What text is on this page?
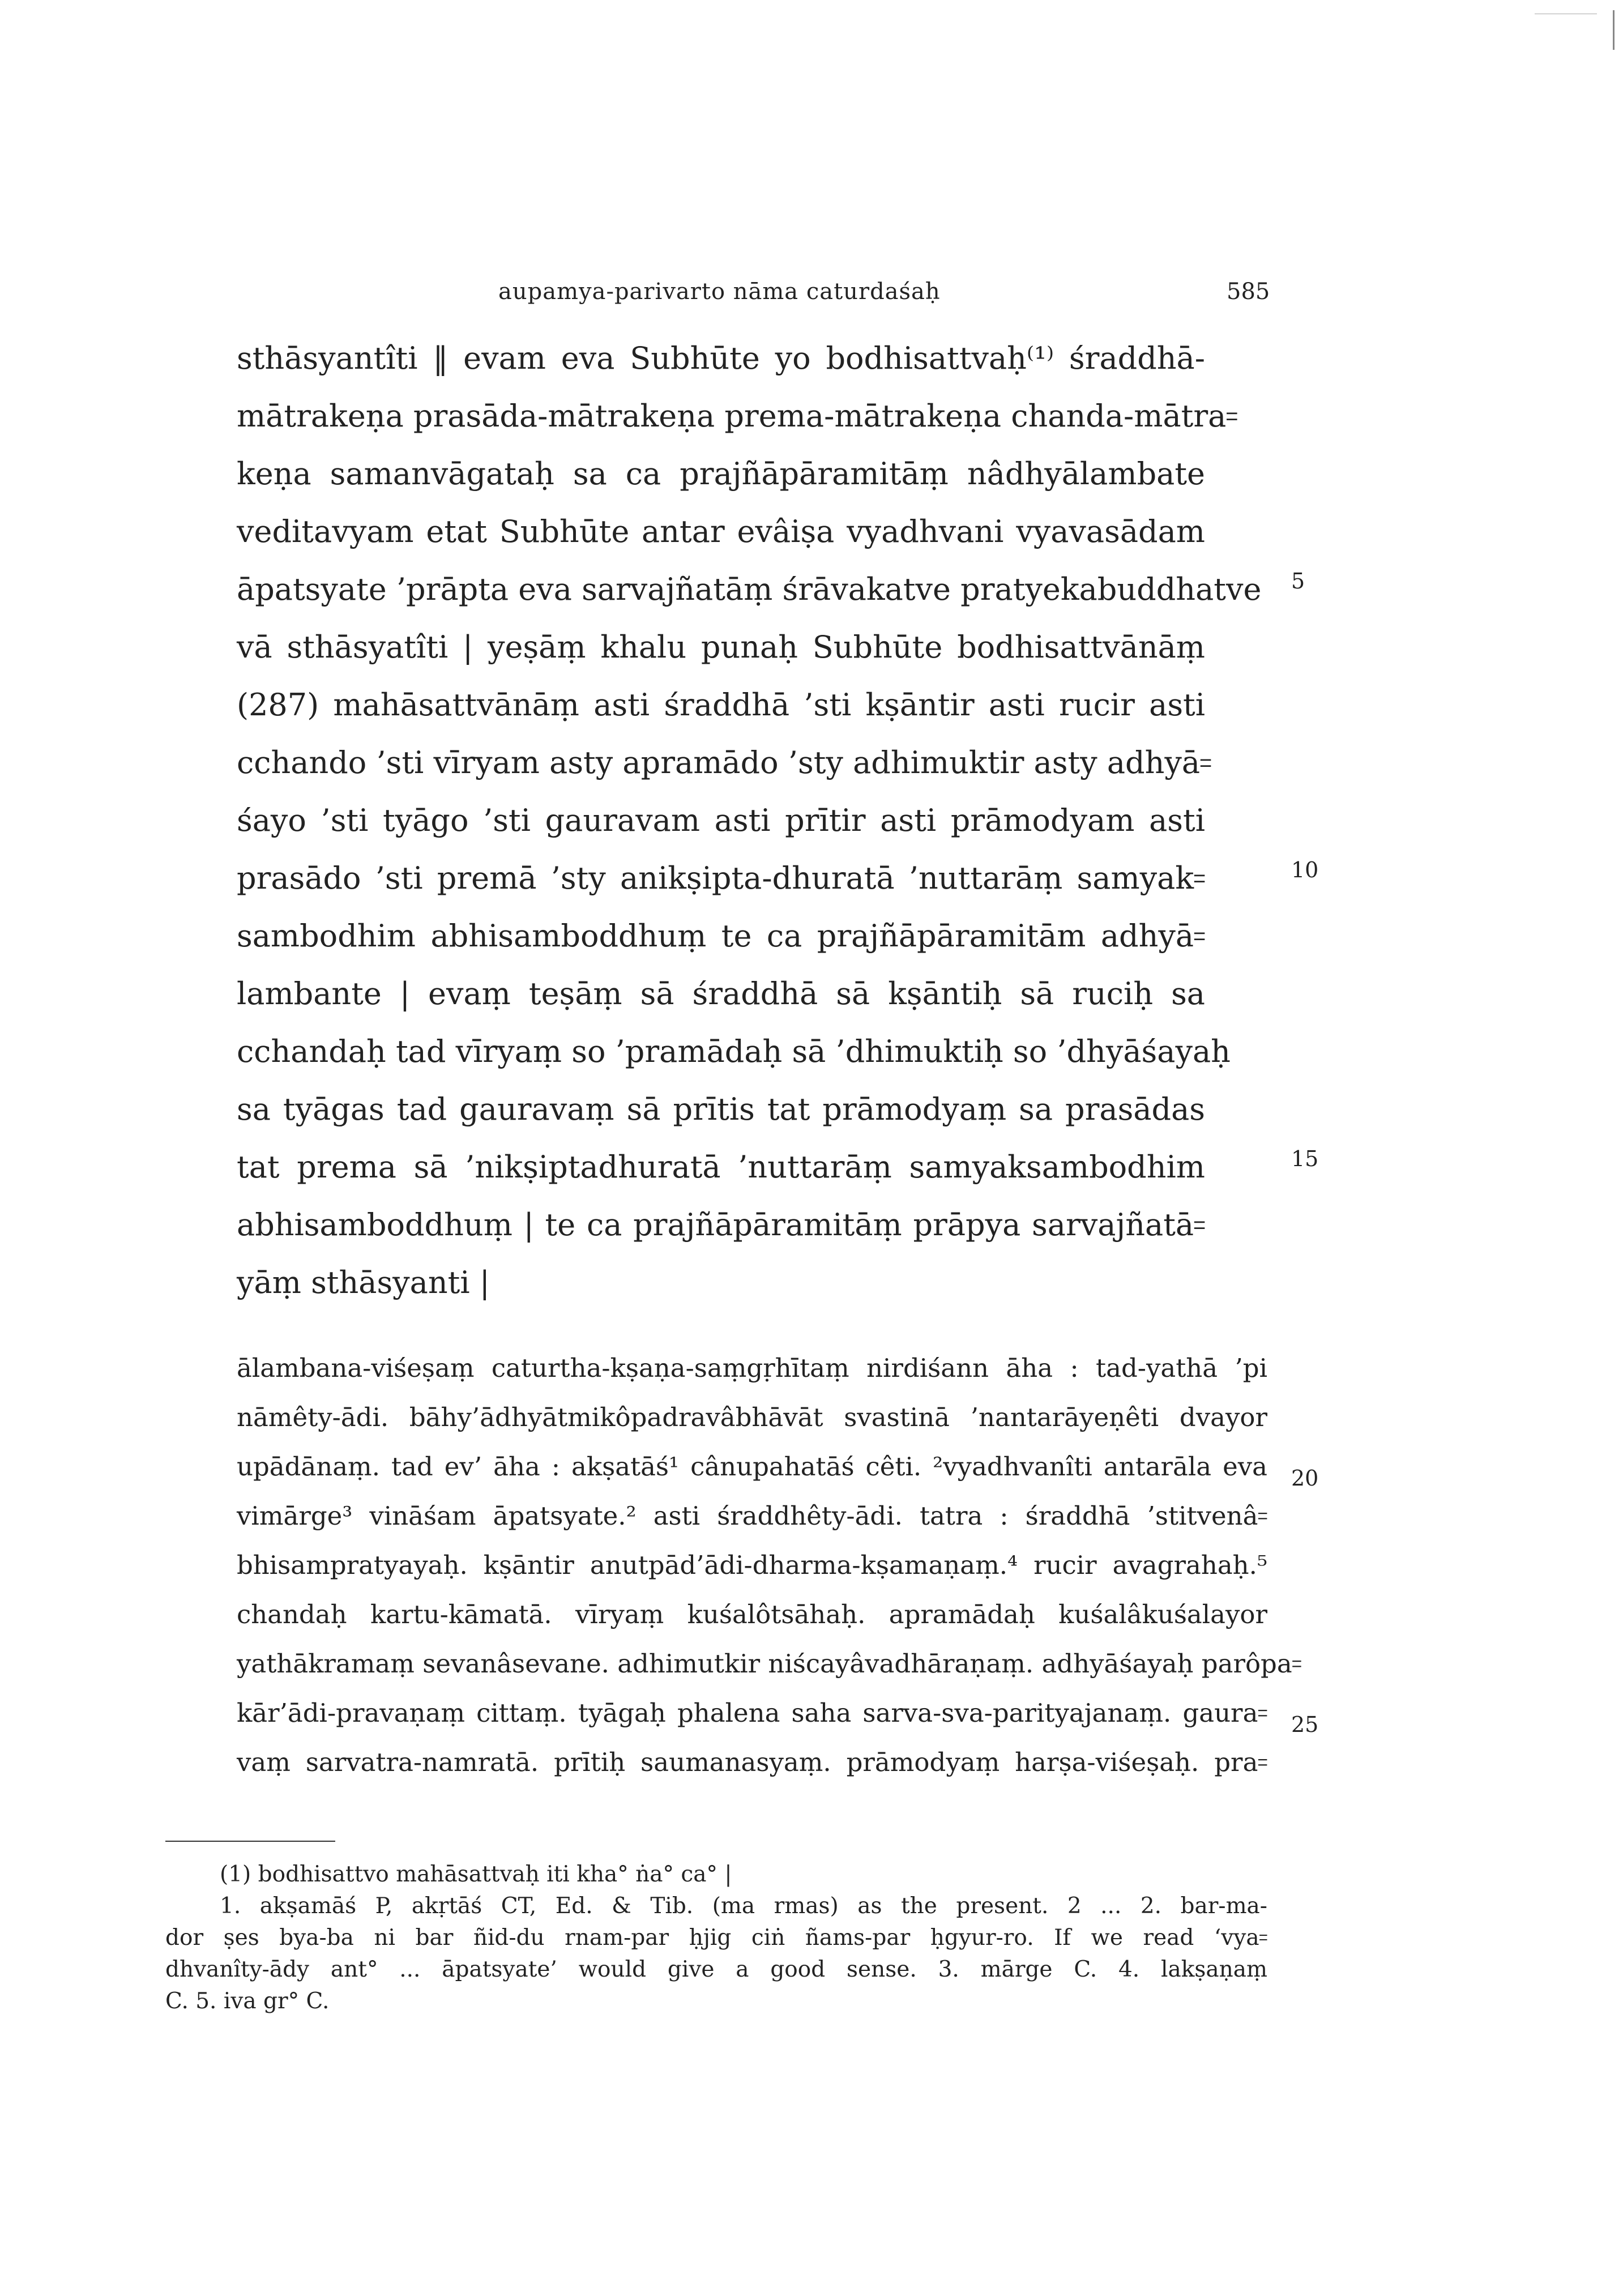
aupamya-parivarto nāma caturdaśaḥ	585
sthāsyantîti ‖ evam eva Subhūte yo bodhisattvaḥ⁽¹⁾ śraddhā-
mātrakeṇa prasāda-mātrakeṇa prema-mātrakeṇa chanda-mātra꞊
keṇa samanvāgataḥ sa ca prajñāpāramitāṃ nâdhyālambate
veditavyam etat Subhūte antar evâiṣa vyadhvani vyavasādam
āpatsyate ’prāpta eva sarvajñatāṃ śrāvakatve pratyekabuddhatve
vā sthāsyatîti | yeṣāṃ khalu punaḥ Subhūte bodhisattvānāṃ
(287) mahāsattvānāṃ asti śraddhā ’sti kṣāntir asti rucir asti
cchando ’sti vīryam asty apramādo ’sty adhimuktir asty adhyā꞊
śayo ’sti tyāgo ’sti gauravam asti prītir asti prāmodyam asti
prasādo ’sti premā ’sty anikṣipta-dhuratā ’nuttarāṃ samyak꞊
sambodhim abhisamboddhuṃ te ca prajñāpāramitām adhyā꞊
lambante | evaṃ teṣāṃ sā śraddhā sā kṣāntiḥ sā ruciḥ sa
cchandaḥ tad vīryaṃ so ’pramādaḥ sā ’dhimuktiḥ so ’dhyāśayaḥ
sa tyāgas tad gauravaṃ sā prītis tat prāmodyaṃ sa prasādas
tat prema sā ’nikṣiptadhuratā ’nuttarāṃ samyaksambodhim
abhisamboddhuṃ | te ca prajñāpāramitāṃ prāpya sarvajñatā꞊
yāṃ sthāsyanti |
ālambana-viśeṣaṃ caturtha-kṣaṇa-saṃgṛhītaṃ nirdiśann āha : tad-yathā ’pi
nāmêty-ādi. bāhy’ādhyātmikôpadravâbhāvāt svastinā ’nantarāyeṇêti dvayor
upādānaṃ. tad ev’ āha : akṣatāś¹ cânupahatāś cêti. ²vyadhvanîti antarāla eva
vimārge³ vināśam āpatsyate.² asti śraddhêty-ādi. tatra : śraddhā ’stitvenâ꞊
bhisampratyayaḥ. kṣāntir anutpād’ādi-dharma-kṣamaṇaṃ.⁴ rucir avagrahaḥ.⁵
chandaḥ kartu-kāmatā. vīryaṃ kuśalôtsāhaḥ. apramādaḥ kuśalâkuśalayor
yathākramaṃ sevanâsevane. adhimutkir niścayâvadhāraṇaṃ. adhyāśayaḥ parôpa꞊
kār’ādi-pravaṇaṃ cittaṃ. tyāgaḥ phalena saha sarva-sva-parityajanaṃ. gaura꞊
vaṃ sarvatra-namratā. prītiḥ saumanasyaṃ. prāmodyaṃ harṣa-viśeṣaḥ. pra꞊
5
10
15
20
25
(1) bodhisattvo mahāsattvaḥ iti kha° ṅa° ca° |
1. akṣamāś P, akṛtāś CT, Ed. & Tib. (ma rmas) as the present. 2 ... 2. bar-ma-
dor ṣes bya-ba ni bar ñid-du rnam-par ḥjig ciṅ ñams-par ḥgyur-ro. If we read ‘vya꞊
dhvanîty-ādy ant° ... āpatsyate’ would give a good sense. 3. mārge C. 4. lakṣaṇaṃ
C. 5. iva gr° C.
